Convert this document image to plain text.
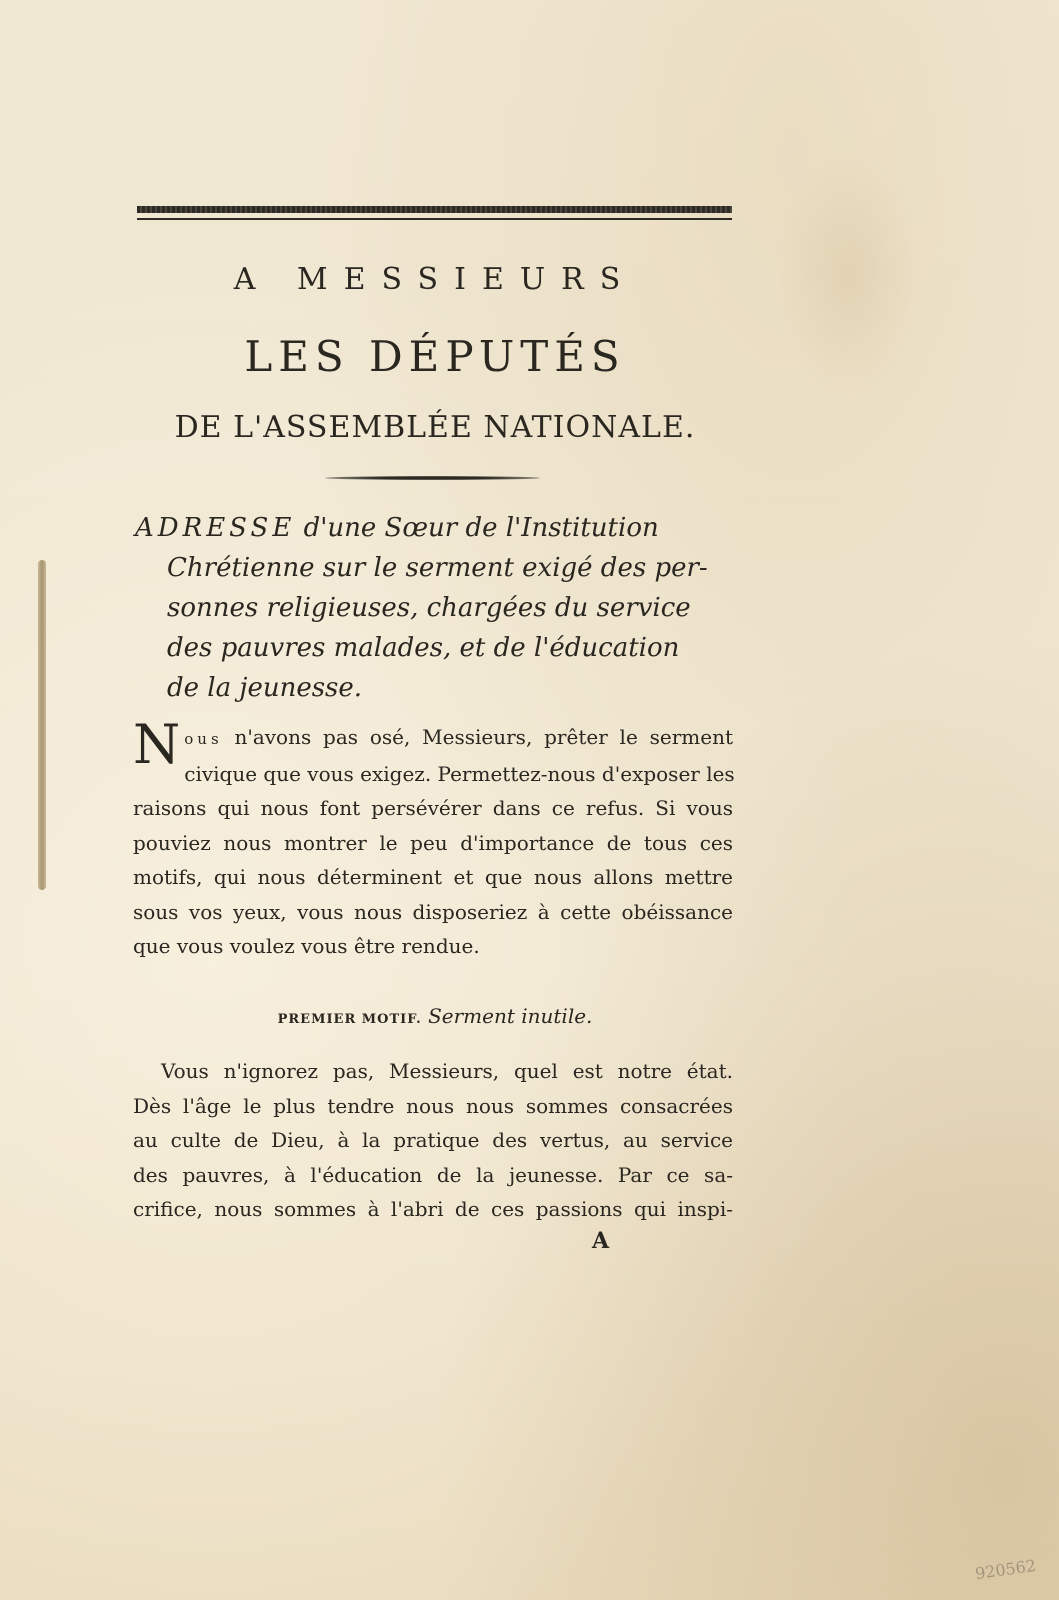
A MESSIEURS
LES DÉPUTÉS
DE L'ASSEMBLÉE NATIONALE.
ADRESSE d'une Sœur de l'Institution
Chrétienne sur le serment exigé des per-
sonnes religieuses, chargées du service
des pauvres malades, et de l'éducation
de la jeunesse.
N ous n'avons pas osé, Messieurs, prêter le serment
civique que vous exigez. Permettez-nous d'exposer les
raisons qui nous font persévérer dans ce refus. Si vous
pouviez nous montrer le peu d'importance de tous ces
motifs, qui nous déterminent et que nous allons mettre
sous vos yeux, vous nous disposeriez à cette obéissance
que vous voulez vous être rendue.
PREMIER MOTIF. Serment inutile.
Vous n'ignorez pas, Messieurs, quel est notre état.
Dès l'âge le plus tendre nous nous sommes consacrées
au culte de Dieu, à la pratique des vertus, au service
des pauvres, à l'éducation de la jeunesse. Par ce sa-
crifice, nous sommes à l'abri de ces passions qui inspi-
A
920562
